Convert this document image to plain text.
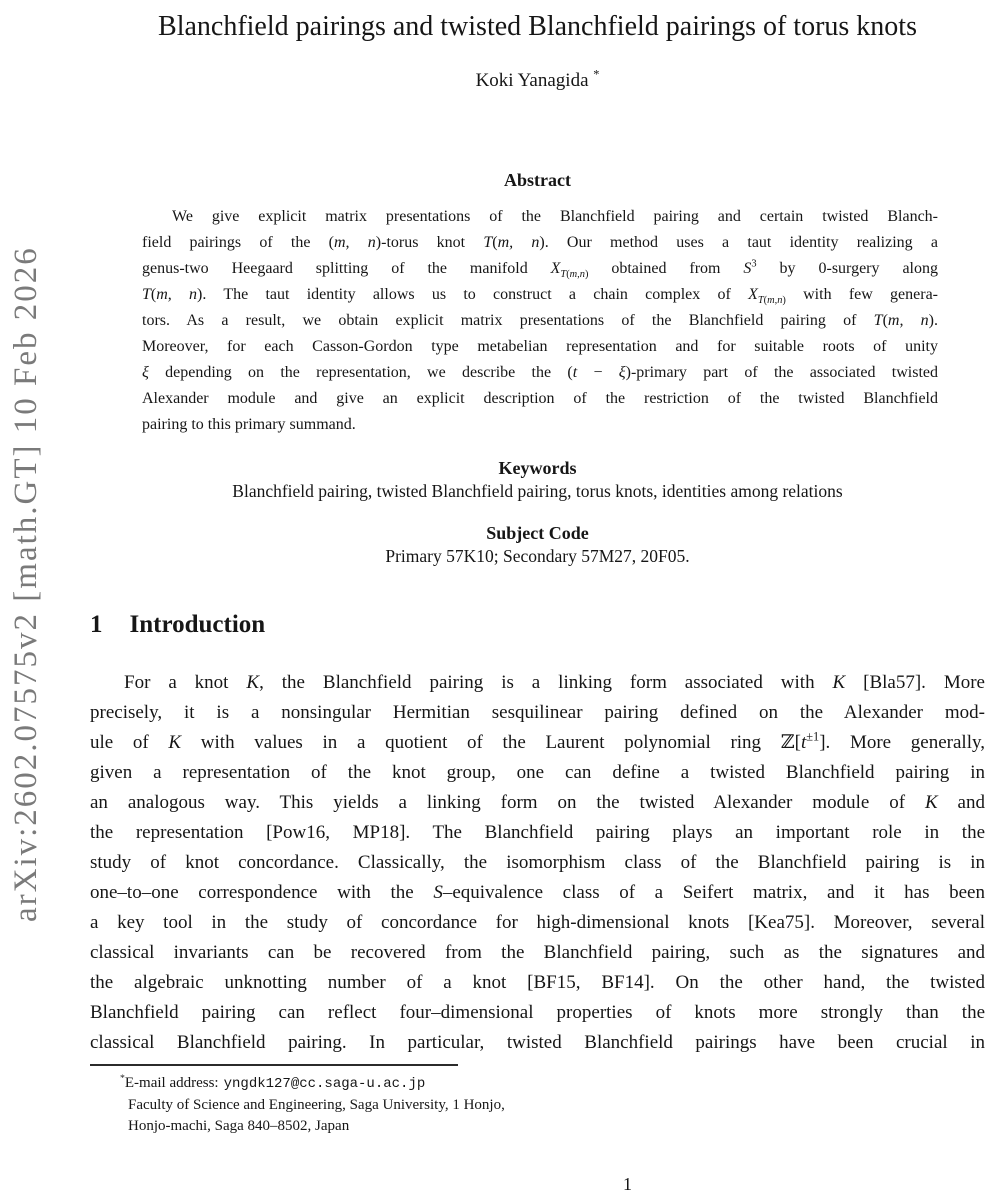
arXiv:2602.07575v2 [math.GT] 10 Feb 2026
Blanchfield pairings and twisted Blanchfield pairings of torus knots
Koki Yanagida *
Abstract
We give explicit matrix presentations of the Blanchfield pairing and certain twisted Blanch-
field pairings of the (m, n)-torus knot T(m, n). Our method uses a taut identity realizing a
genus-two Heegaard splitting of the manifold $X_{T(m,n)}$ obtained from $S^3$ by 0-surgery along
T(m, n). The taut identity allows us to construct a chain complex of $X_{T(m,n)}$ with few genera-
tors. As a result, we obtain explicit matrix presentations of the Blanchfield pairing of T(m, n).
Moreover, for each Casson-Gordon type metabelian representation and for suitable roots of unity
ξ depending on the representation, we describe the (t − ξ)-primary part of the associated twisted
Alexander module and give an explicit description of the restriction of the twisted Blanchfield
pairing to this primary summand.
Keywords
Blanchfield pairing, twisted Blanchfield pairing, torus knots, identities among relations
Subject Code
Primary 57K10; Secondary 57M27, 20F05.
1 Introduction
For a knot K, the Blanchfield pairing is a linking form associated with K [Bla57]. More
precisely, it is a nonsingular Hermitian sesquilinear pairing defined on the Alexander mod-
ule of K with values in a quotient of the Laurent polynomial ring $ℤ[t^{\pm 1}]$. More generally,
given a representation of the knot group, one can define a twisted Blanchfield pairing in
an analogous way. This yields a linking form on the twisted Alexander module of K and
the representation [Pow16, MP18]. The Blanchfield pairing plays an important role in the
study of knot concordance. Classically, the isomorphism class of the Blanchfield pairing is in
one–to–one correspondence with the S–equivalence class of a Seifert matrix, and it has been
a key tool in the study of concordance for high-dimensional knots [Kea75]. Moreover, several
classical invariants can be recovered from the Blanchfield pairing, such as the signatures and
the algebraic unknotting number of a knot [BF15, BF14]. On the other hand, the twisted
Blanchfield pairing can reflect four–dimensional properties of knots more strongly than the
classical Blanchfield pairing. In particular, twisted Blanchfield pairings have been crucial in
*E-mail address: yngdk127@cc.saga-u.ac.jp
Faculty of Science and Engineering, Saga University, 1 Honjo,
Honjo-machi, Saga 840–8502, Japan
1
